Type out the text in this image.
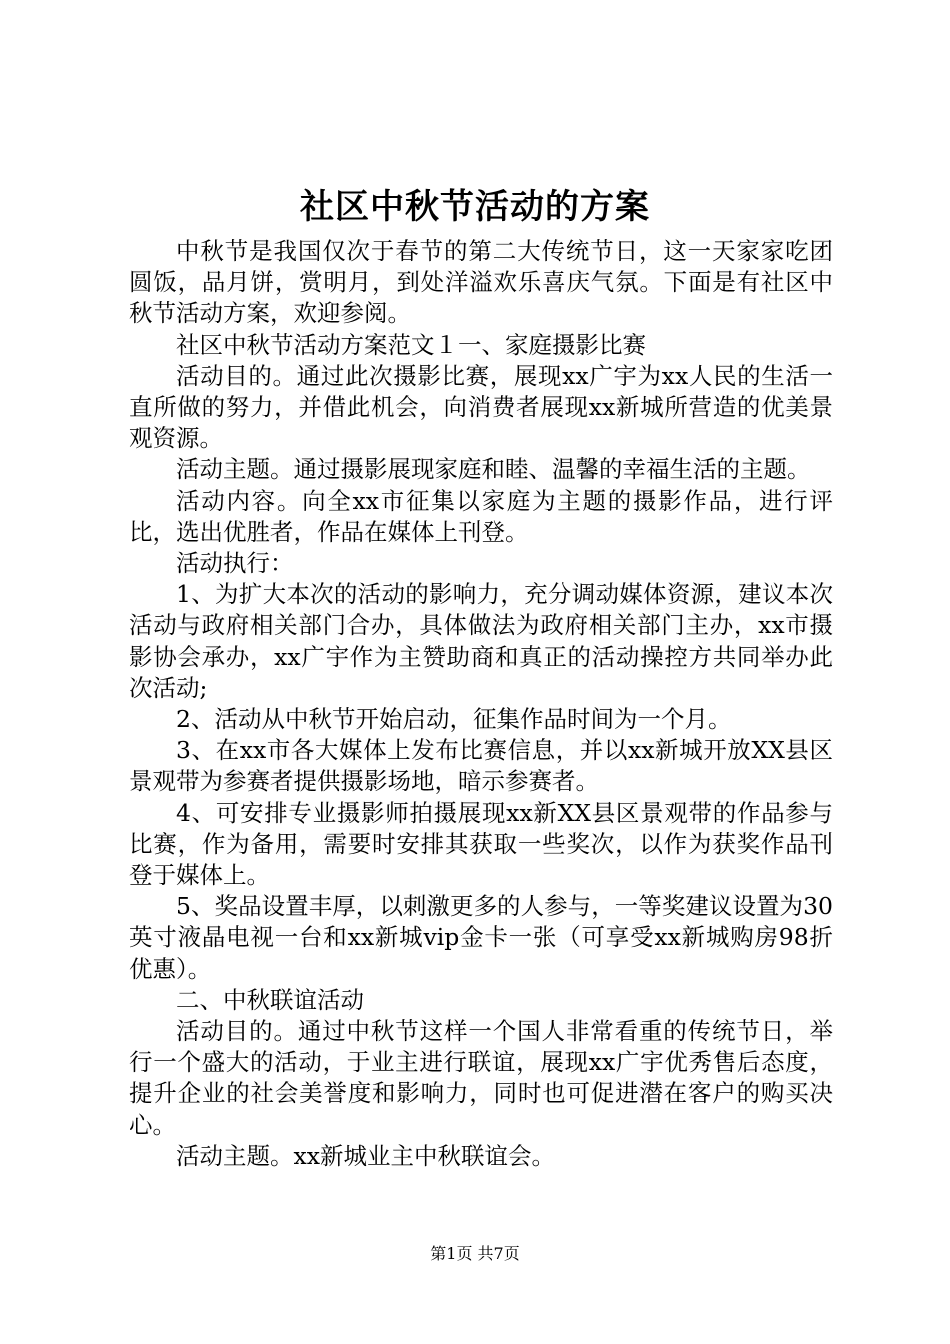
社区中秋节活动的方案

中秋节是我国仅次于春节的第二大传统节日，这一天家家吃团圆饭，品月饼，赏明月，到处洋溢欢乐喜庆气氛。下面是有社区中秋节活动方案，欢迎参阅。

社区中秋节活动方案范文１一、家庭摄影比赛

活动目的。通过此次摄影比赛，展现xx广宇为xx人民的生活一直所做的努力，并借此机会，向消费者展现xx新城所营造的优美景观资源。

活动主题。通过摄影展现家庭和睦、温馨的幸福生活的主题。

活动内容。向全xx市征集以家庭为主题的摄影作品，进行评比，选出优胜者，作品在媒体上刊登。

活动执行：

1、为扩大本次的活动的影响力，充分调动媒体资源，建议本次活动与政府相关部门合办，具体做法为政府相关部门主办，xx市摄影协会承办，xx广宇作为主赞助商和真正的活动操控方共同举办此次活动;

2、活动从中秋节开始启动，征集作品时间为一个月。

3、在xx市各大媒体上发布比赛信息，并以xx新城开放XX县区景观带为参赛者提供摄影场地，暗示参赛者。

4、可安排专业摄影师拍摄展现xx新XX县区景观带的作品参与比赛，作为备用，需要时安排其获取一些奖次，以作为获奖作品刊登于媒体上。

5、奖品设置丰厚，以刺激更多的人参与，一等奖建议设置为30英寸液晶电视一台和xx新城vip金卡一张（可享受xx新城购房98折优惠）。

二、中秋联谊活动

活动目的。通过中秋节这样一个国人非常看重的传统节日，举行一个盛大的活动，于业主进行联谊，展现xx广宇优秀售后态度，提升企业的社会美誉度和影响力，同时也可促进潜在客户的购买决心。

活动主题。xx新城业主中秋联谊会。

第1页 共7页
